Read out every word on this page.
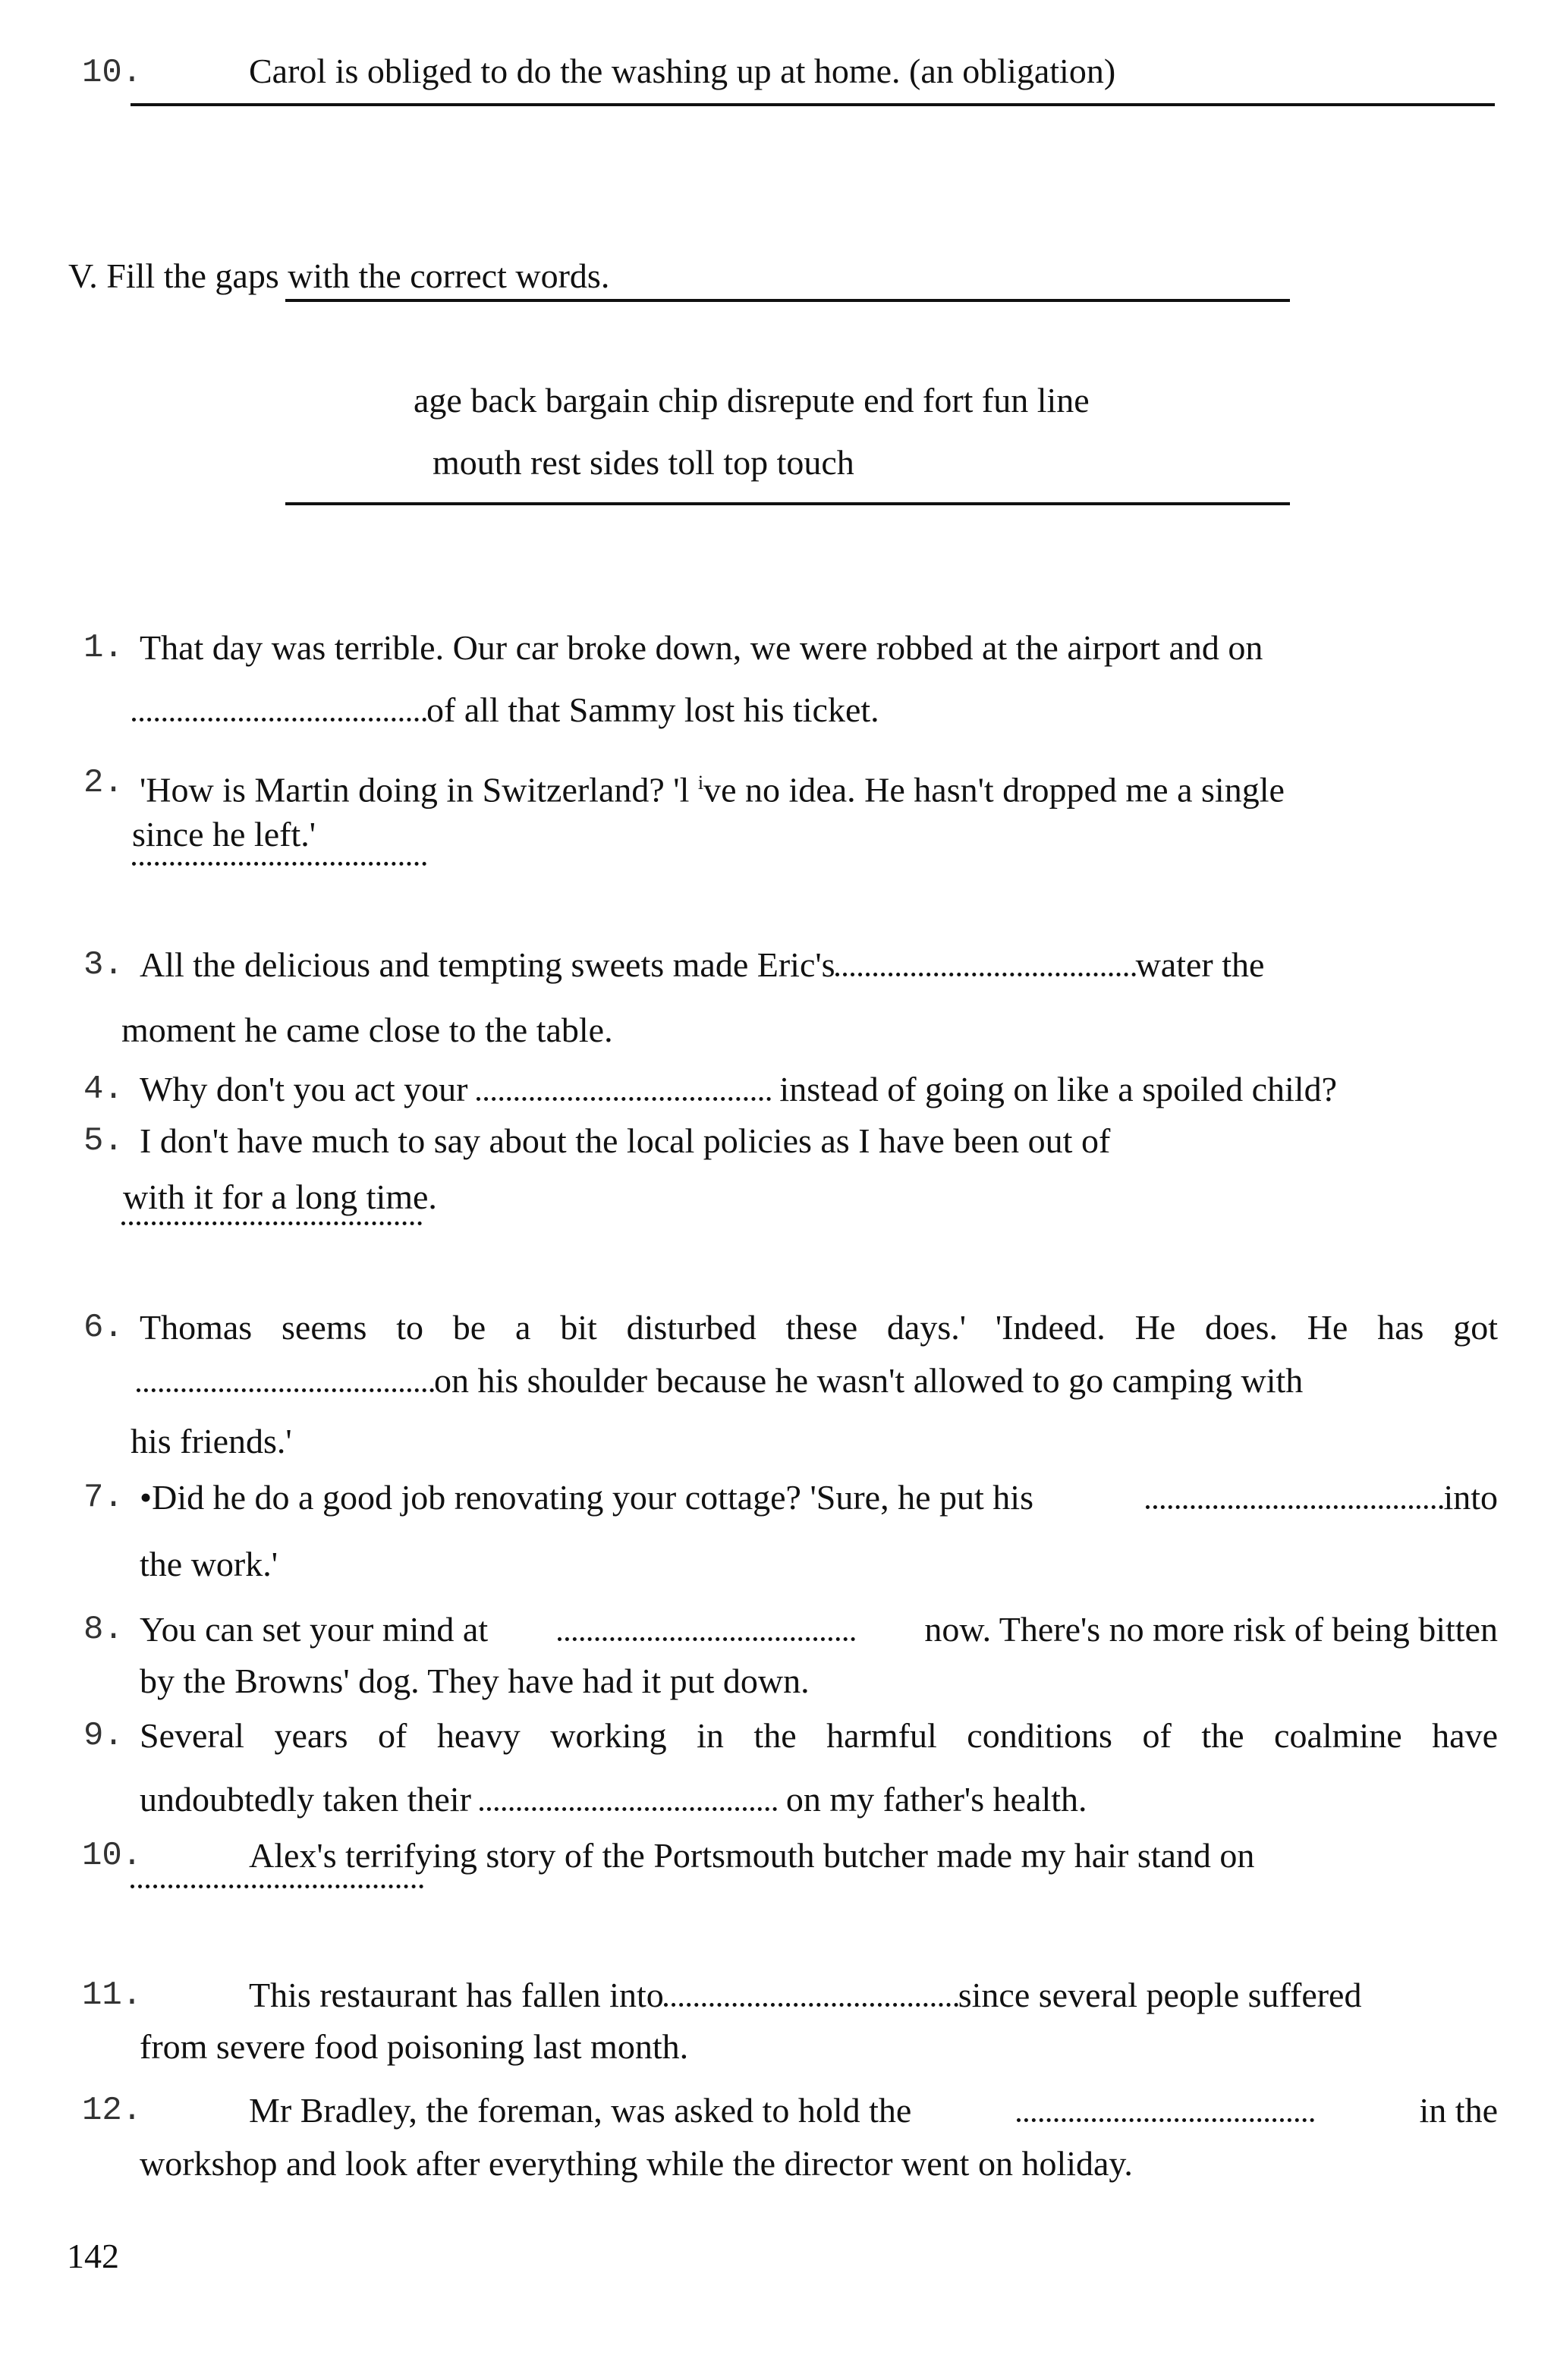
10.	Carol is obliged to do the washing up at home. (an obligation)
V. Fill the gaps with the correct words.
age back bargain chip disrepute end fort fun line
mouth rest sides toll top touch
1. That day was terrible. Our car broke down, we were robbed at the airport and on
of all that Sammy lost his ticket.
2. 'How is Martin doing in Switzerland? 'l $^i$ve no idea. He hasn't dropped me a single
since he left.'
3. All the delicious and tempting sweets made Eric's	water the
moment he came close to the table.
4. Why don't you act your	instead of going on like a spoiled child?
5. I don't have much to say about the local policies as I have been out of
with it for a long time.
6. Thomas seems to be a bit disturbed these days.' 'Indeed. He does. He has got
on his shoulder because he wasn't allowed to go camping with
his friends.'
7. •Did he do a good job renovating your cottage? 'Sure, he put his	into
the work.'
8. You can set your mind at	now. There's no more risk of being bitten
by the Browns' dog. They have had it put down.
9. Several years of heavy working in the harmful conditions of the coalmine have
undoubtedly taken their	on my father's health.
10.	Alex's terrifying story of the Portsmouth butcher made my hair stand on
11.	This restaurant has fallen into	since several people suffered
from severe food poisoning last month.
12.	Mr Bradley, the foreman, was asked to hold the	in the
workshop and look after everything while the director went on holiday.
142
